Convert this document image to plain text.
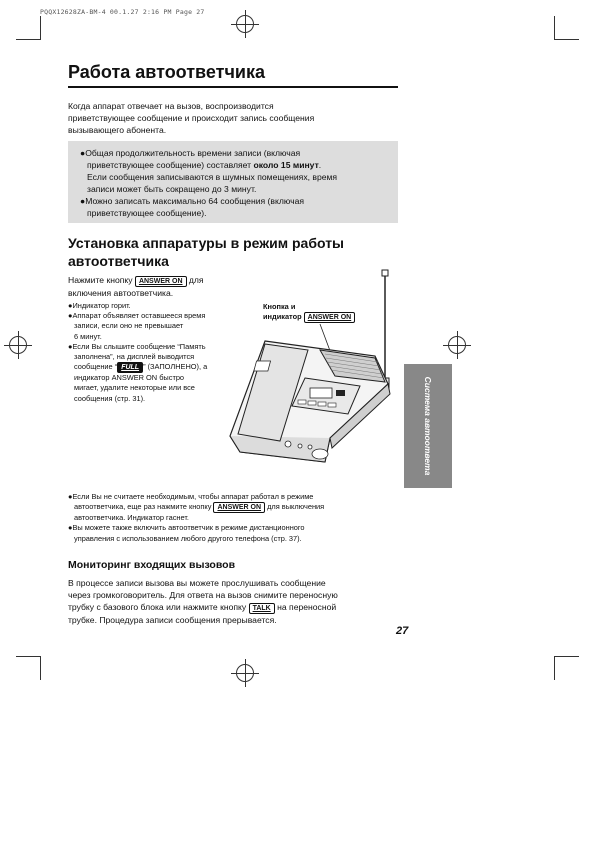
PQQX12628ZA-BM-4 00.1.27 2:16 PM Page 27
Работа автоответчика
Когда аппарат отвечает на вызов, воспроизводится
приветствующее сообщение и происходит запись сообщения
вызывающего абонента.
●Общая продолжительность времени записи (включая
приветствующее сообщение) составляет около 15 минут.
Если сообщения записываются в шумных помещениях, время
записи может быть сокращено до 3 минут.
●Можно записать максимально 64 сообщения (включая
приветствующее сообщение).
Установка аппаратуры в режим работы
автоответчика
Нажмите кнопку ANSWER ON для
включения автоответчика.
●Индикатор горит.
●Аппарат объявляет оставшееся время
записи, если оно не превышает
6 минут.
●Если Вы слышите сообщение “Память
заполнена”, на дисплей выводится
сообщение “ FULL ” (ЗАПОЛНЕНО), а
индикатор ANSWER ON быстро
мигает, удалите некоторые или все
сообщения (стр. 31).
Кнопка и
индикатор ANSWER ON
Система автоответа
●Если Вы не считаете необходимым, чтобы аппарат работал в режиме
автоответчика, еще раз нажмите кнопку ANSWER ON для выключения
автоответчика. Индикатор гаснет.
●Вы можете также включить автоответчик в режиме дистанционного
управления с использованием любого другого телефона (стр. 37).
Мониторинг входящих вызовов
В процессе записи вызова вы можете прослушивать сообщение
через громкоговоритель. Для ответа на вызов снимите переносную
трубку с базового блока или нажмите кнопку TALK на переносной
трубке. Процедура записи сообщения прерывается.
27
